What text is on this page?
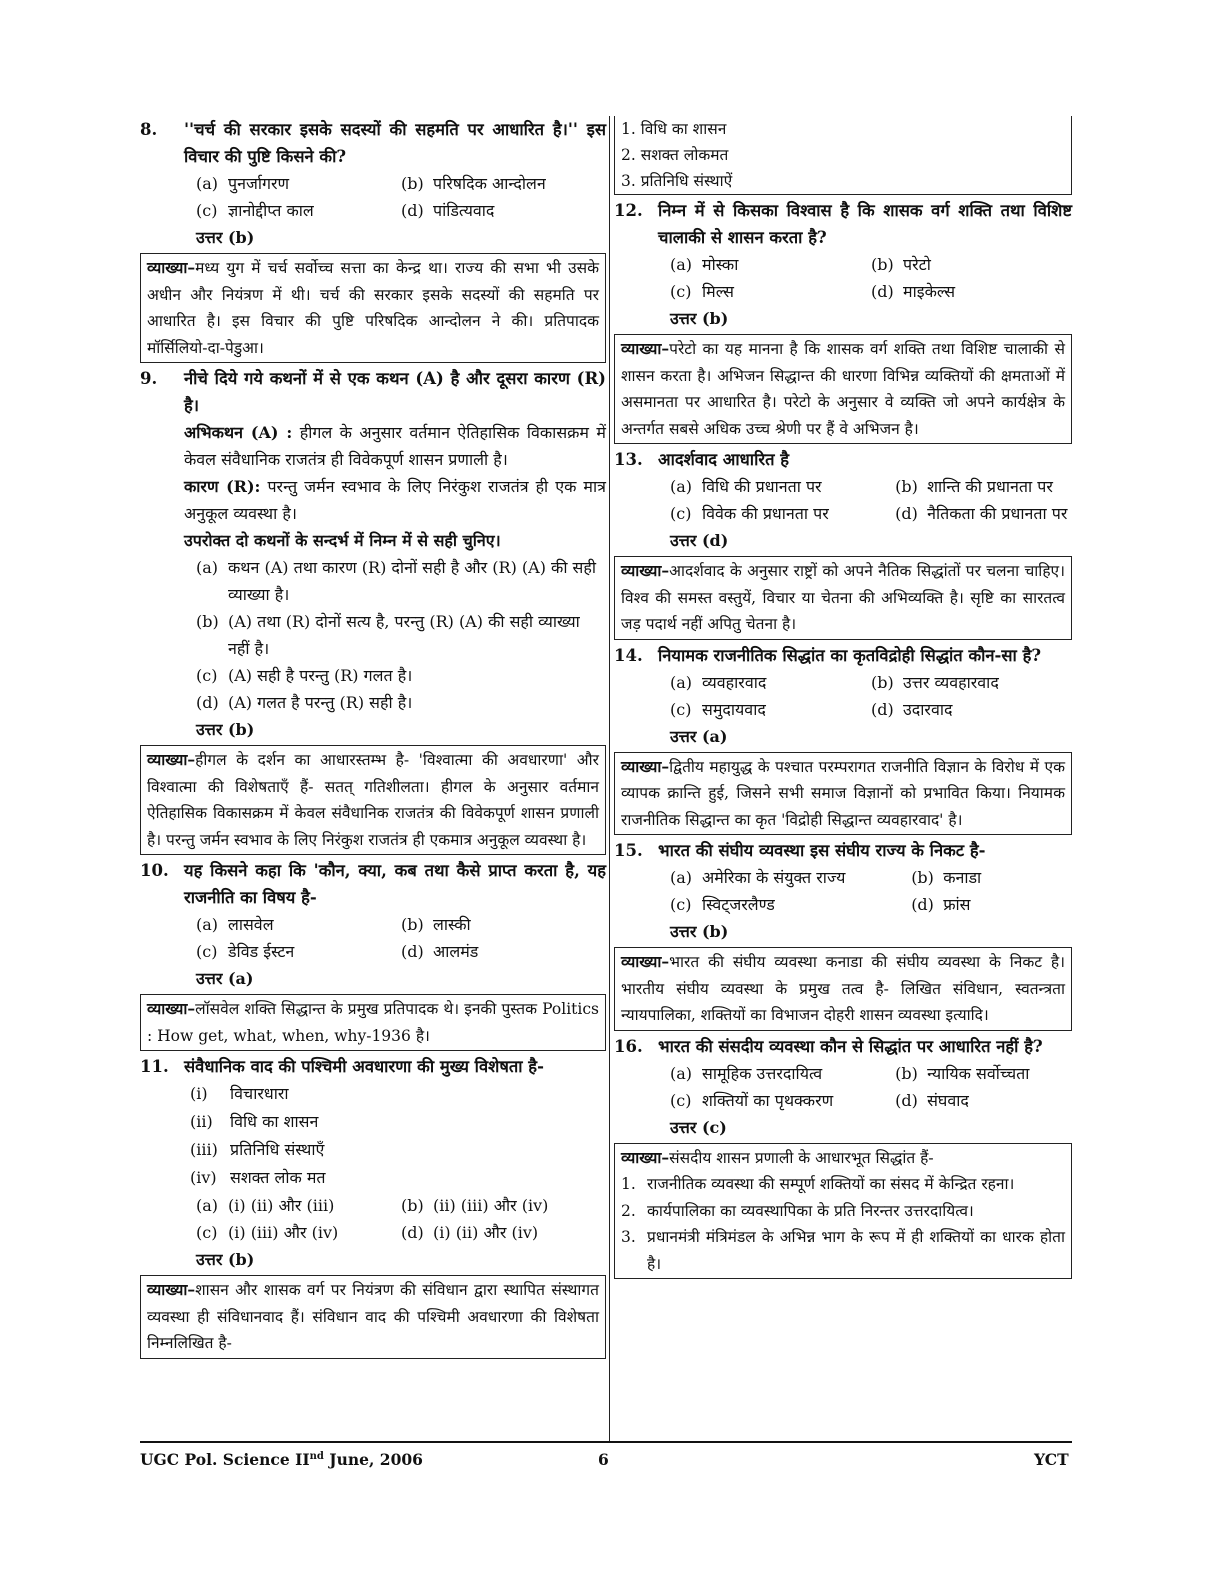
8.	''चर्च की सरकार इसके सदस्यों की सहमति पर आधारित है।'' इस विचार की पुष्टि किसने की?
(a) पुनर्जागरण	(b) परिषदिक आन्दोलन
(c) ज्ञानोद्दीप्त काल	(d) पांडित्यवाद
उत्तर (b)
व्याख्या–मध्य युग में चर्च सर्वोच्च सत्ता का केन्द्र था। राज्य की सभा भी उसके अधीन और नियंत्रण में थी। चर्च की सरकार इसके सदस्यों की सहमति पर आधारित है। इस विचार की पुष्टि परिषदिक आन्दोलन ने की। प्रतिपादक मॉर्सिलियो-दा-पेडुआ।
9.	नीचे दिये गये कथनों में से एक कथन (A) है और दूसरा कारण (R) है।
अभिकथन (A) : हीगल के अनुसार वर्तमान ऐतिहासिक विकासक्रम में केवल संवैधानिक राजतंत्र ही विवेकपूर्ण शासन प्रणाली है।
कारण (R): परन्तु जर्मन स्वभाव के लिए निरंकुश राजतंत्र ही एक मात्र अनुकूल व्यवस्था है।
उपरोक्त दो कथनों के सन्दर्भ में निम्न में से सही चुनिए।
(a) कथन (A) तथा कारण (R) दोनों सही है और (R) (A) की सही व्याख्या है।
(b) (A) तथा (R) दोनों सत्य है, परन्तु (R) (A) की सही व्याख्या नहीं है।
(c) (A) सही है परन्तु (R) गलत है।
(d) (A) गलत है परन्तु (R) सही है।
उत्तर (b)
व्याख्या–हीगल के दर्शन का आधारस्तम्भ है- 'विश्वात्मा की अवधारणा' और विश्वात्मा की विशेषताएँ हैं- सतत् गतिशीलता। हीगल के अनुसार वर्तमान ऐतिहासिक विकासक्रम में केवल संवैधानिक राजतंत्र की विवेकपूर्ण शासन प्रणाली है। परन्तु जर्मन स्वभाव के लिए निरंकुश राजतंत्र ही एकमात्र अनुकूल व्यवस्था है।
10. यह किसने कहा कि 'कौन, क्या, कब तथा कैसे प्राप्त करता है, यह राजनीति का विषय है-
(a) लासवेल	(b) लास्की
(c) डेविड ईस्टन	(d) आलमंड
उत्तर (a)
व्याख्या–लॉसवेल शक्ति सिद्धान्त के प्रमुख प्रतिपादक थे। इनकी पुस्तक Politics : How get, what, when, why-1936 है।
11. संवैधानिक वाद की पश्चिमी अवधारणा की मुख्य विशेषता है-
(i) विचारधारा
(ii) विधि का शासन
(iii) प्रतिनिधि संस्थाएँ
(iv) सशक्त लोक मत
(a) (i) (ii) और (iii)	(b) (ii) (iii) और (iv)
(c) (i) (iii) और (iv)	(d) (i) (ii) और (iv)
उत्तर (b)
व्याख्या–शासन और शासक वर्ग पर नियंत्रण की संविधान द्वारा स्थापित संस्थागत व्यवस्था ही संविधानवाद हैं। संविधान वाद की पश्चिमी अवधारणा की विशेषता निम्नलिखित है-
1. विधि का शासन
2. सशक्त लोकमत
3. प्रतिनिधि संस्थाऐं
12. निम्न में से किसका विश्वास है कि शासक वर्ग शक्ति तथा विशिष्ट चालाकी से शासन करता है?
(a) मोस्का	(b) परेटो
(c) मिल्स	(d) माइकेल्स
उत्तर (b)
व्याख्या–परेटो का यह मानना है कि शासक वर्ग शक्ति तथा विशिष्ट चालाकी से शासन करता है। अभिजन सिद्धान्त की धारणा विभिन्न व्यक्तियों की क्षमताओं में असमानता पर आधारित है। परेटो के अनुसार वे व्यक्ति जो अपने कार्यक्षेत्र के अन्तर्गत सबसे अधिक उच्च श्रेणी पर हैं वे अभिजन है।
13. आदर्शवाद आधारित है
(a) विधि की प्रधानता पर	(b) शान्ति की प्रधानता पर
(c) विवेक की प्रधानता पर	(d) नैतिकता की प्रधानता पर
उत्तर (d)
व्याख्या–आदर्शवाद के अनुसार राष्ट्रों को अपने नैतिक सिद्धांतों पर चलना चाहिए। विश्व की समस्त वस्तुयें, विचार या चेतना की अभिव्यक्ति है। सृष्टि का सारतत्व जड़ पदार्थ नहीं अपितु चेतना है।
14. नियामक राजनीतिक सिद्धांत का कृतविद्रोही सिद्धांत कौन-सा है?
(a) व्यवहारवाद	(b) उत्तर व्यवहारवाद
(c) समुदायवाद	(d) उदारवाद
उत्तर (a)
व्याख्या–द्वितीय महायुद्ध के पश्चात परम्परागत राजनीति विज्ञान के विरोध में एक व्यापक क्रान्ति हुई, जिसने सभी समाज विज्ञानों को प्रभावित किया। नियामक राजनीतिक सिद्धान्त का कृत 'विद्रोही सिद्धान्त व्यवहारवाद' है।
15. भारत की संघीय व्यवस्था इस संघीय राज्य के निकट है-
(a) अमेरिका के संयुक्त राज्य	(b) कनाडा
(c) स्विट्जरलैण्ड	(d) फ्रांस
उत्तर (b)
व्याख्या–भारत की संघीय व्यवस्था कनाडा की संघीय व्यवस्था के निकट है। भारतीय संघीय व्यवस्था के प्रमुख तत्व है- लिखित संविधान, स्वतन्त्रता न्यायपालिका, शक्तियों का विभाजन दोहरी शासन व्यवस्था इत्यादि।
16. भारत की संसदीय व्यवस्था कौन से सिद्धांत पर आधारित नहीं है?
(a) सामूहिक उत्तरदायित्व	(b) न्यायिक सर्वोच्चता
(c) शक्तियों का पृथक्करण	(d) संघवाद
उत्तर (c)
व्याख्या–संसदीय शासन प्रणाली के आधारभूत सिद्धांत हैं-
1. राजनीतिक व्यवस्था की सम्पूर्ण शक्तियों का संसद में केन्द्रित रहना।
2. कार्यपालिका का व्यवस्थापिका के प्रति निरन्तर उत्तरदायित्व।
3. प्रधानमंत्री मंत्रिमंडल के अभिन्न भाग के रूप में ही शक्तियों का धारक होता है।
UGC Pol. Science IInd June, 2006	6	YCT
